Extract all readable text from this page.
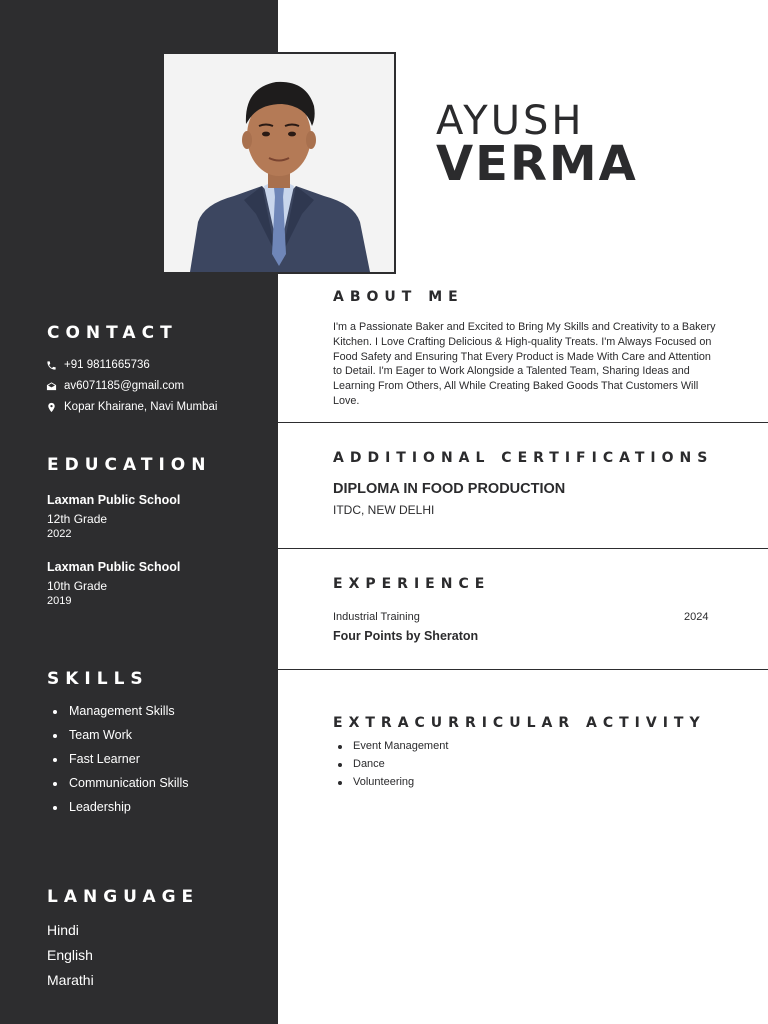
CONTACT
+91 9811665736
av6071185@gmail.com
Kopar Khairane, Navi Mumbai
EDUCATION
Laxman Public School
12th Grade
2022
Laxman Public School
10th Grade
2019
SKILLS
Management Skills
Team Work
Fast Learner
Communication Skills
Leadership
LANGUAGE
Hindi
English
Marathi
AYUSH
VERMA
ABOUT ME
I'm a Passionate Baker and Excited to Bring My Skills and Creativity to a Bakery Kitchen. I Love Crafting Delicious & High-quality Treats. I'm Always Focused on Food Safety and Ensuring That Every Product is Made With Care and Attention to Detail. I'm Eager to Work Alongside a Talented Team, Sharing Ideas and Learning From Others, All While Creating Baked Goods That Customers Will Love.
ADDITIONAL CERTIFICATIONS
DIPLOMA IN FOOD PRODUCTION
ITDC, NEW DELHI
EXPERIENCE
Industrial Training	2024
Four Points by Sheraton
EXTRACURRICULAR ACTIVITY
Event Management
Dance
Volunteering
